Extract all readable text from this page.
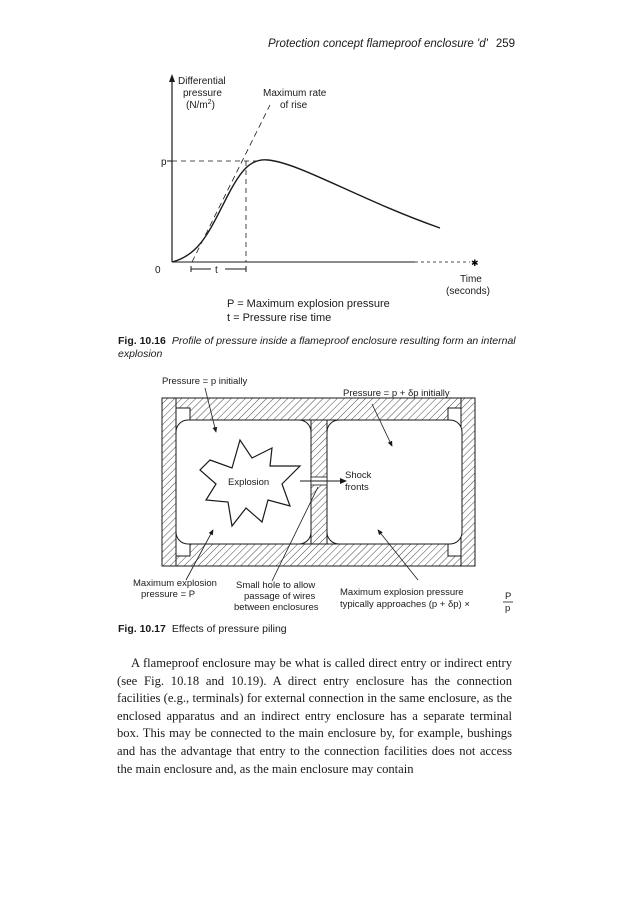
Protection concept flameproof enclosure 'd' 259
✱
Differential
pressure
$(N/m^2)$
Maximum rate
of rise
p
0	t
Time
(seconds)
P = Maximum explosion pressure
t = Pressure rise time
Fig. 10.16 Profile of pressure inside a flameproof enclosure resulting form an internal explosion
Pressure = p initially
Pressure = p + δp initially
Explosion
Shock
fronts
Maximum explosion
pressure = P
Small hole to allow
passage of wires
between enclosures
Maximum explosion pressure
typically approaches (p + δp) ×
P
p
Fig. 10.17 Effects of pressure piling

A flameproof enclosure may be what is called direct entry or indirect entry (see Fig. 10.18 and 10.19). A direct entry enclosure has the connection facilities (e.g., terminals) for external connection in the same enclosure, as the enclosed apparatus and an indirect entry enclosure has a separate terminal box. This may be connected to the main enclosure by, for example, bushings and has the advantage that entry to the connection facilities does not access the main enclosure and, as the main enclosure may contain
